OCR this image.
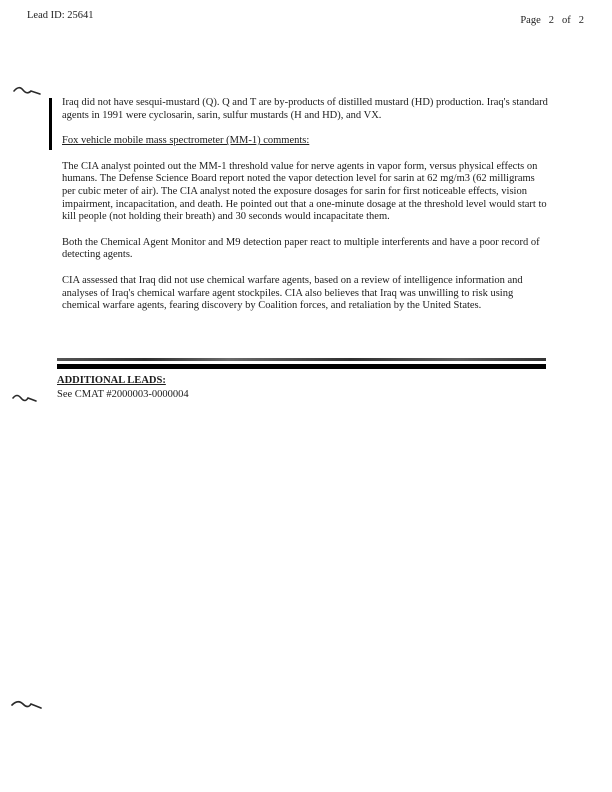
Lead ID: 25641	Page 2 of 2

Iraq did not have sesqui-mustard (Q). Q and T are by-products of distilled mustard (HD) production. Iraq's standard agents in 1991 were cyclosarin, sarin, sulfur mustards (H and HD), and VX.

Fox vehicle mobile mass spectrometer (MM-1) comments:

The CIA analyst pointed out the MM-1 threshold value for nerve agents in vapor form, versus physical effects on humans. The Defense Science Board report noted the vapor detection level for sarin at 62 mg/m3 (62 milligrams per cubic meter of air). The CIA analyst noted the exposure dosages for sarin for first noticeable effects, vision impairment, incapacitation, and death. He pointed out that a one-minute dosage at the threshold level would start to kill people (not holding their breath) and 30 seconds would incapacitate them.

Both the Chemical Agent Monitor and M9 detection paper react to multiple interferents and have a poor record of detecting agents.

CIA assessed that Iraq did not use chemical warfare agents, based on a review of intelligence information and analyses of Iraq's chemical warfare agent stockpiles. CIA also believes that Iraq was unwilling to risk using chemical warfare agents, fearing discovery by Coalition forces, and retaliation by the United States.

ADDITIONAL LEADS:

See CMAT #2000003-0000004
